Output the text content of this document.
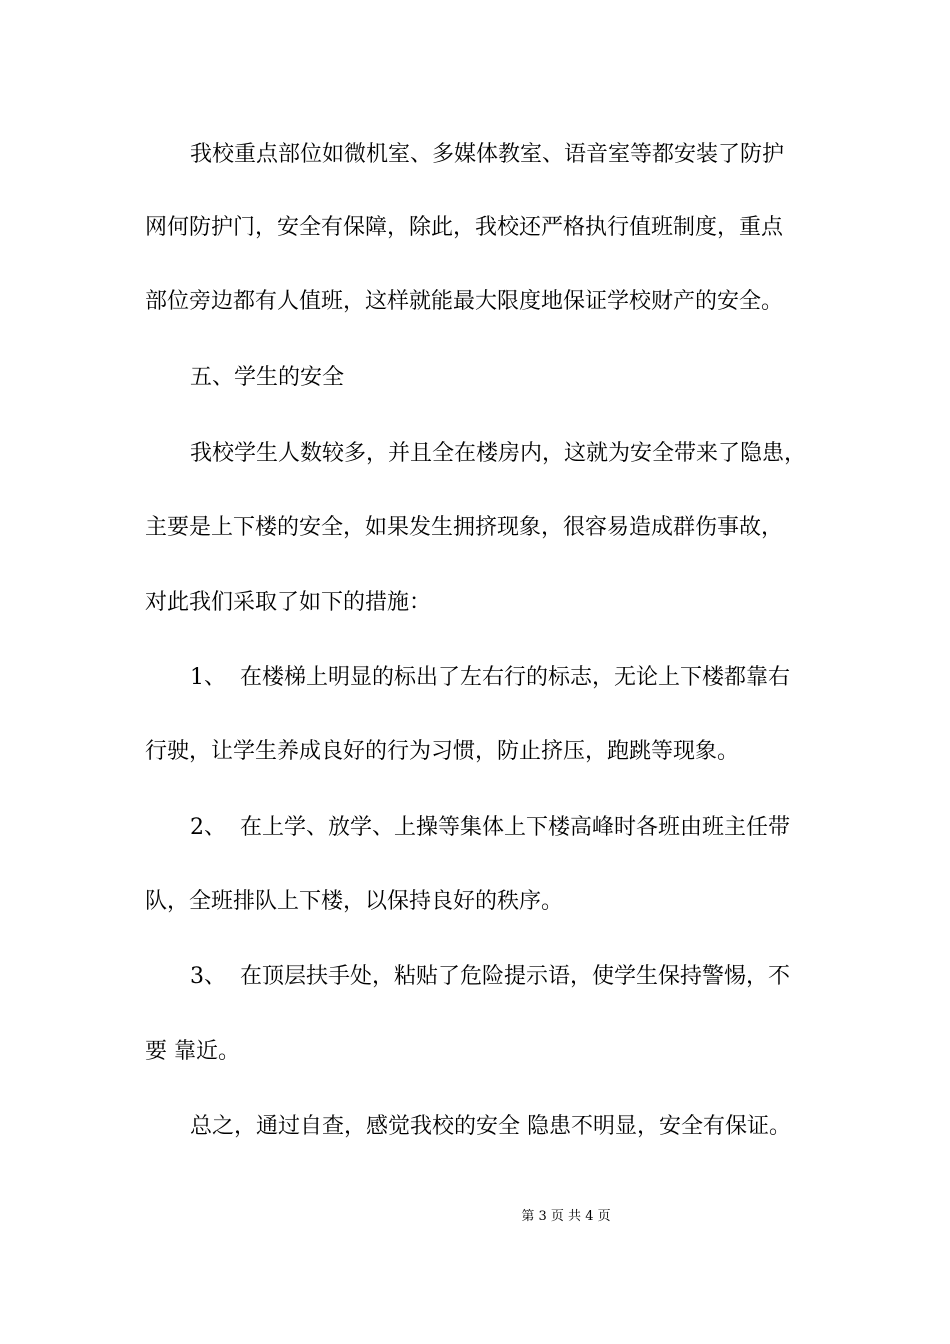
我校重点部位如微机室、多媒体教室、语音室等都安装了防护

网何防护门，安全有保障，除此，我校还严格执行值班制度，重点

部位旁边都有人值班，这样就能最大限度地保证学校财产的安全。

五、学生的安全

我校学生人数较多，并且全在楼房内，这就为安全带来了隐患，

主要是上下楼的安全，如果发生拥挤现象，很容易造成群伤事故，

对此我们采取了如下的措施：

1、  在楼梯上明显的标出了左右行的标志，无论上下楼都靠右

行驶，让学生养成良好的行为习惯，防止挤压，跑跳等现象。

2、  在上学、放学、上操等集体上下楼高峰时各班由班主任带

队，全班排队上下楼，以保持良好的秩序。

3、  在顶层扶手处，粘贴了危险提示语，使学生保持警惕，不

要 靠近。

总之，通过自查，感觉我校的安全 隐患不明显，安全有保证。

第 3 页 共 4 页
